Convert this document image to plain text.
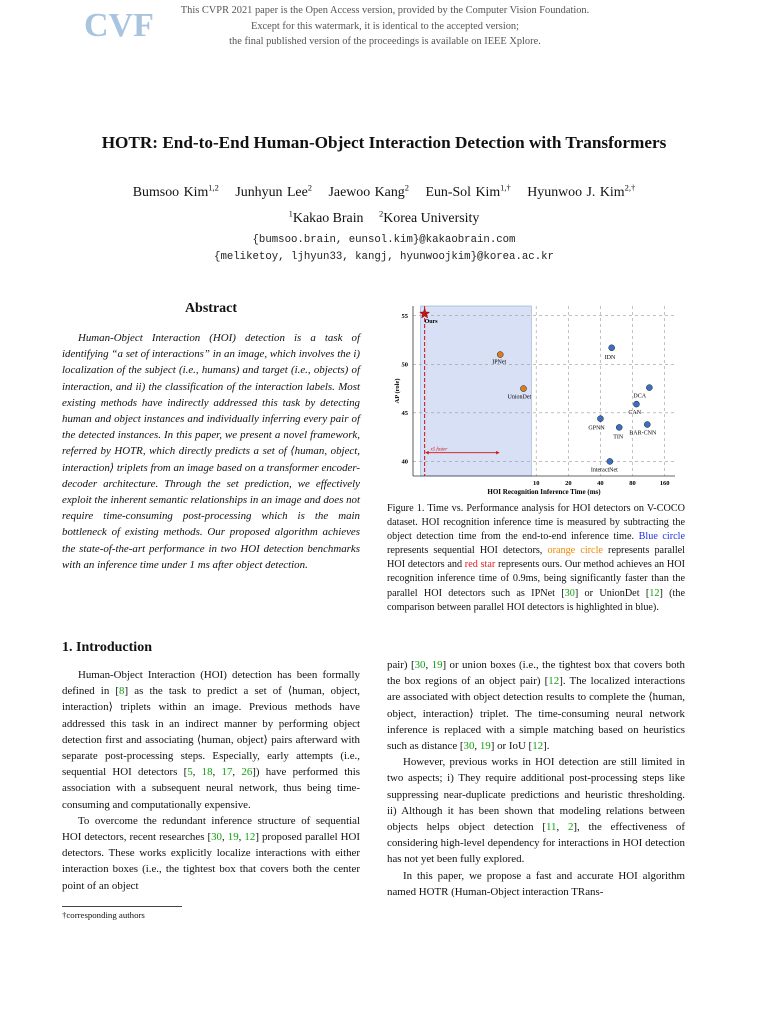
CVF	This CVPR 2021 paper is the Open Access version, provided by the Computer Vision Foundation.
Except for this watermark, it is identical to the accepted version;
the final published version of the proceedings is available on IEEE Xplore.
HOTR: End-to-End Human-Object Interaction Detection with Transformers
Bumsoo Kim$^{1,2}$ Junhyun Lee$^2$ Jaewoo Kang$^2$ Eun-Sol Kim$^{1,\dagger}$ Hyunwoo J. Kim$^{2,\dagger}$
$^1$Kakao Brain $^2$Korea University
{bumsoo.brain, eunsol.kim}@kakaobrain.com
{meliketoy, ljhyun33, kangj, hyunwoojkim}@korea.ac.kr
Abstract

Human-Object Interaction (HOI) detection is a task of identifying “a set of interactions” in an image, which involves the i) localization of the subject (i.e., humans) and target (i.e., objects) of interaction, and ii) the classification of the interaction labels. Most existing methods have indirectly addressed this task by detecting human and object instances and individually inferring every pair of the detected instances. In this paper, we present a novel framework, referred by HOTR, which directly predicts a set of ⟨human, object, interaction⟩ triplets from an image based on a transformer encoder-decoder architecture. Through the set prediction, we effectively exploit the inherent semantic relationships in an image and does not require time-consuming post-processing which is the main bottleneck of existing methods. Our proposed algorithm achieves the state-of-the-art performance in two HOI detection benchmarks with an inference time under 1 ms after object detection.

10	20	40	80	160
40
45
50
55
HOI Recognition Inference Time (ms)
AP (role)
x5 faster
Ours
IPNet
UnionDet
IDN
DCA
CAN
BAR-CNN
GPNN
TIN
InteractNet

Figure 1. Time vs. Performance analysis for HOI detectors on V-COCO dataset. HOI recognition inference time is measured by subtracting the object detection time from the end-to-end inference time. Blue circle represents sequential HOI detectors, orange circle represents parallel HOI detectors and red star represents ours. Our method achieves an HOI recognition inference time of 0.9ms, being significantly faster than the parallel HOI detectors such as IPNet [30] or UnionDet [12] (the comparison between parallel HOI detectors is highlighted in blue).

1. Introduction

Human-Object Interaction (HOI) detection has been formally defined in [8] as the task to predict a set of ⟨human, object, interaction⟩ triplets within an image. Previous methods have addressed this task in an indirect manner by performing object detection first and associating ⟨human, object⟩ pairs afterward with separate post-processing steps. Especially, early attempts (i.e., sequential HOI detectors [5, 18, 17, 26]) have performed this association with a subsequent neural network, thus being time-consuming and computationally expensive.

To overcome the redundant inference structure of sequential HOI detectors, recent researches [30, 19, 12] proposed parallel HOI detectors. These works explicitly localize interactions with either interaction boxes (i.e., the tightest box that covers both the center point of an object

†corresponding authors

pair) [30, 19] or union boxes (i.e., the tightest box that covers both the box regions of an object pair) [12]. The localized interactions are associated with object detection results to complete the ⟨human, object, interaction⟩ triplet. The time-consuming neural network inference is replaced with a simple matching based on heuristics such as distance [30, 19] or IoU [12].

However, previous works in HOI detection are still limited in two aspects; i) They require additional post-processing steps like suppressing near-duplicate predictions and heuristic thresholding. ii) Although it has been shown that modeling relations between objects helps object detection [11, 2], the effectiveness of considering high-level dependency for interactions in HOI detection has not yet been fully explored.

In this paper, we propose a fast and accurate HOI algorithm named HOTR (Human-Object interaction TRans-
